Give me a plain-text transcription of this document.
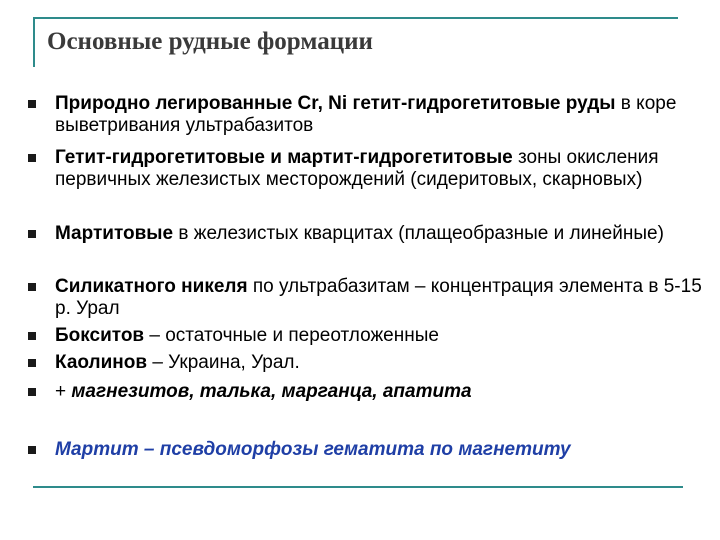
Основные рудные формации
Природно легированные Cr, Ni гетит-гидрогетитовые руды в коре выветривания ультрабазитов
Гетит-гидрогетитовые и мартит-гидрогетитовые зоны окисления первичных железистых месторождений (сидеритовых, скарновых)
Мартитовые в железистых кварцитах (плащеобразные и линейные)
Силикатного никеля по ультрабазитам – концентрация элемента в 5-15 р. Урал
Бокситов – остаточные и переотложенные
Каолинов – Украина, Урал.
+ магнезитов, талька, марганца, апатита
Мартит – псевдоморфозы гематита по магнетиту
